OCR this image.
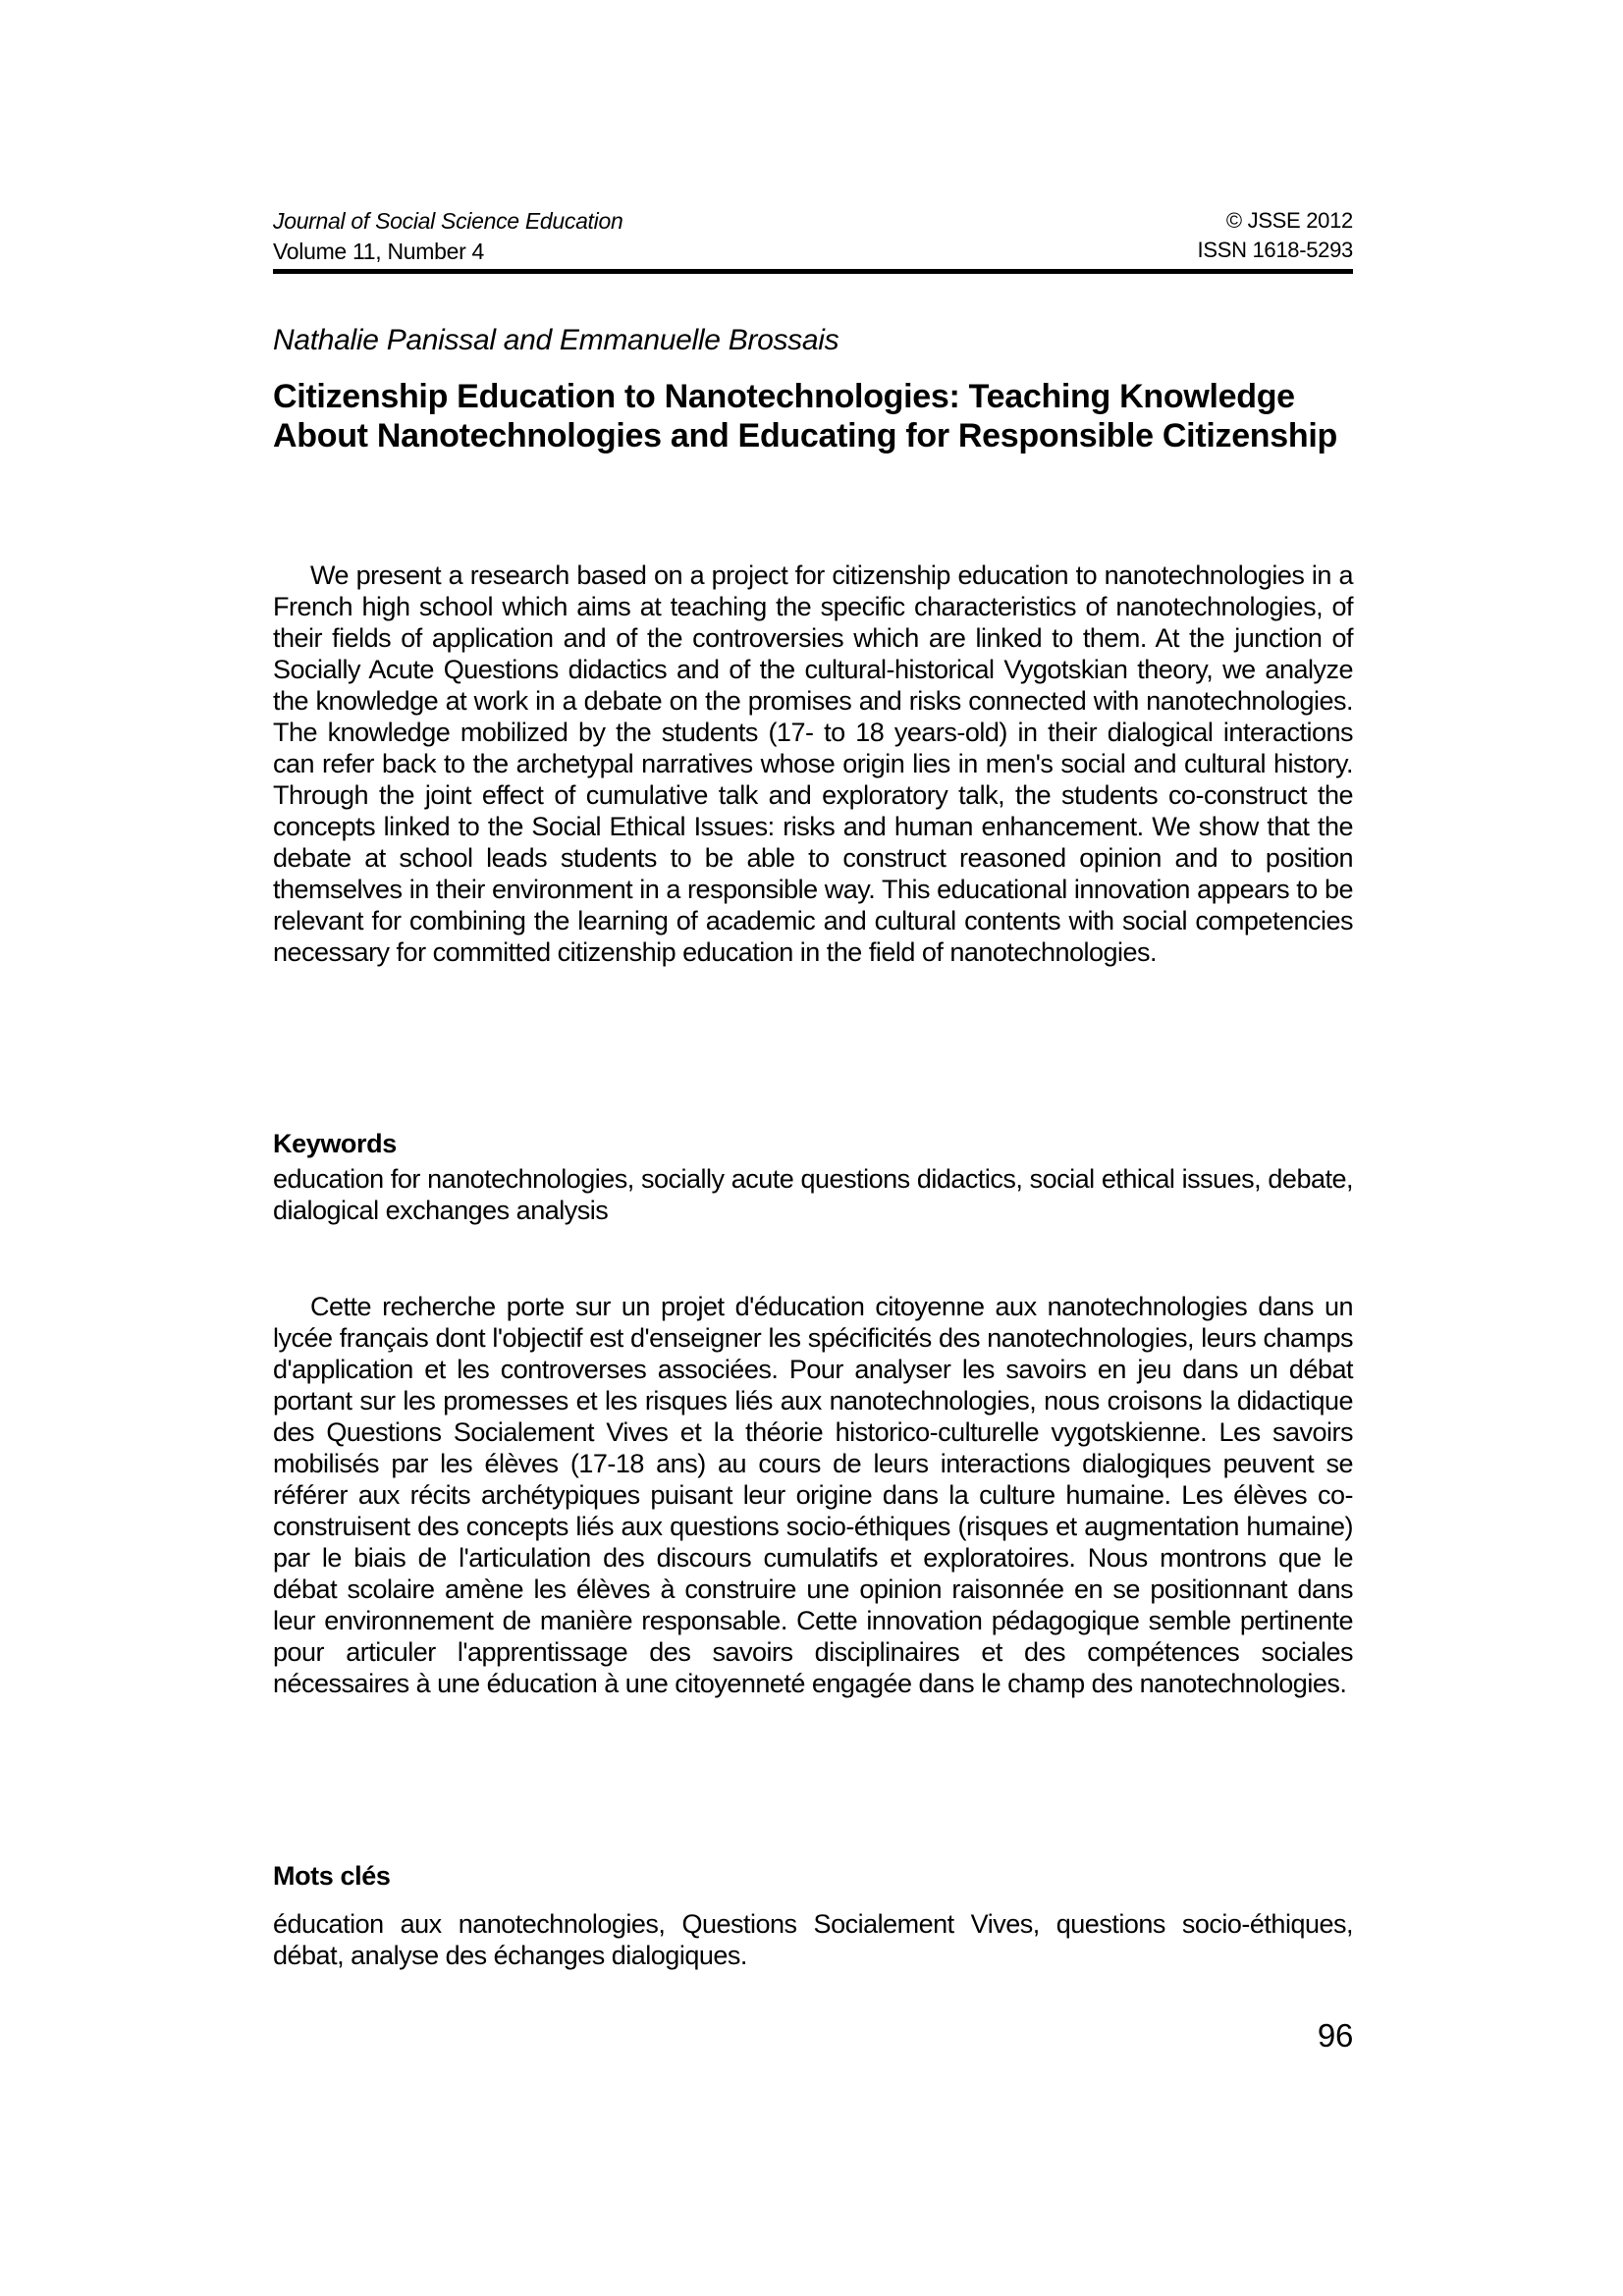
Journal of Social Science Education
Volume 11, Number 4
© JSSE 2012
ISSN 1618-5293
Nathalie Panissal and Emmanuelle Brossais
Citizenship Education to Nanotechnologies: Teaching Knowledge About Nanotechnologies and Educating for Responsible Citizenship

We present a research based on a project for citizenship education to nanotechnologies in a French high school which aims at teaching the specific characteristics of nanotechnologies, of their fields of application and of the controversies which are linked to them. At the junction of Socially Acute Questions didactics and of the cultural-historical Vygotskian theory, we analyze the knowledge at work in a debate on the promises and risks connected with nanotechnologies. The knowledge mobilized by the students (17- to 18 years-old) in their dialogical interactions can refer back to the archetypal narratives whose origin lies in men's social and cultural history. Through the joint effect of cumulative talk and exploratory talk, the students co-construct the concepts linked to the Social Ethical Issues: risks and human enhancement. We show that the debate at school leads students to be able to construct reasoned opinion and to position themselves in their environment in a responsible way. This educational innovation appears to be relevant for combining the learning of academic and cultural contents with social competencies necessary for committed citizenship education in the field of nanotechnologies.

Keywords

education for nanotechnologies, socially acute questions didactics, social ethical issues, debate, dialogical exchanges analysis

Cette recherche porte sur un projet d'éducation citoyenne aux nanotechnologies dans un lycée français dont l'objectif est d'enseigner les spécificités des nanotechnologies, leurs champs d'application et les controverses associées. Pour analyser les savoirs en jeu dans un débat portant sur les promesses et les risques liés aux nanotechnologies, nous croisons la didactique des Questions Socialement Vives et la théorie historico-culturelle vygotskienne. Les savoirs mobilisés par les élèves (17-18 ans) au cours de leurs interactions dialogiques peuvent se référer aux récits archétypiques puisant leur origine dans la culture humaine. Les élèves co-construisent des concepts liés aux questions socio-éthiques (risques et augmentation humaine) par le biais de l'articulation des discours cumulatifs et exploratoires. Nous montrons que le débat scolaire amène les élèves à construire une opinion raisonnée en se positionnant dans leur environnement de manière responsable. Cette innovation pédagogique semble pertinente pour articuler l'apprentissage des savoirs disciplinaires et des compétences sociales nécessaires à une éducation à une citoyenneté engagée dans le champ des nanotechnologies.

Mots clés

éducation aux nanotechnologies, Questions Socialement Vives, questions socio-éthiques, débat, analyse des échanges dialogiques.

96
